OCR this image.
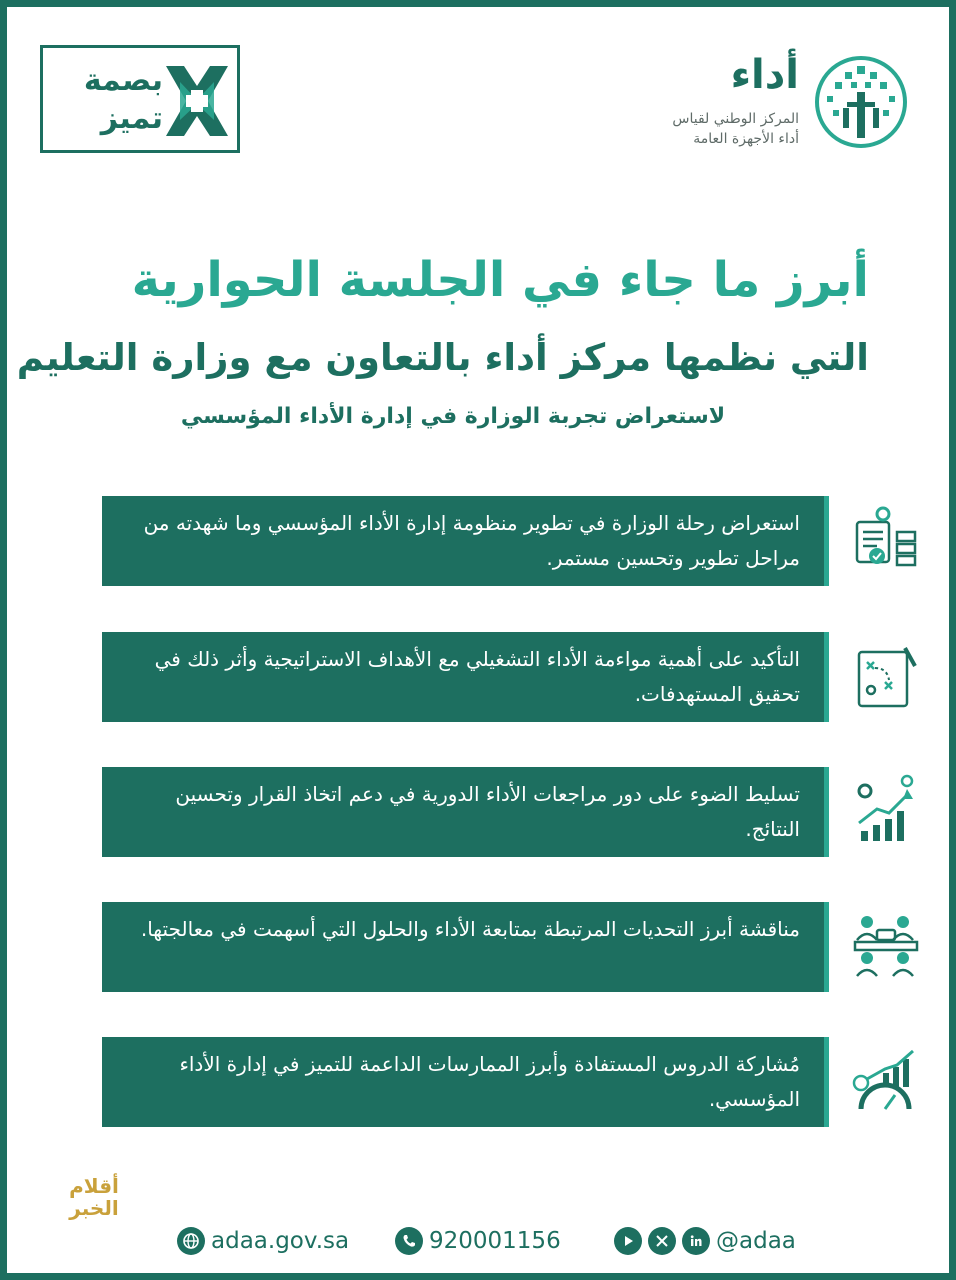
بصمة
تميز
أداء
المركز الوطني لقياس
أداء الأجهزة العامة
أبرز ما جاء في الجلسة الحوارية
التي نظمها مركز أداء بالتعاون مع وزارة التعليم
لاستعراض تجربة الوزارة في إدارة الأداء المؤسسي
استعراض رحلة الوزارة في تطوير منظومة إدارة الأداء المؤسسي وما شهدته من مراحل تطوير وتحسين مستمر.
التأكيد على أهمية مواءمة الأداء التشغيلي مع الأهداف الاستراتيجية وأثر ذلك في تحقيق المستهدفات.
تسليط الضوء على دور مراجعات الأداء الدورية في دعم اتخاذ القرار وتحسين النتائج.
مناقشة أبرز التحديات المرتبطة بمتابعة الأداء والحلول التي أسهمت في معالجتها.
مُشاركة الدروس المستفادة وأبرز الممارسات الداعمة للتميز في إدارة الأداء المؤسسي.
أقلام
الخبر
adaa.gov.sa	920001156	@adaa
